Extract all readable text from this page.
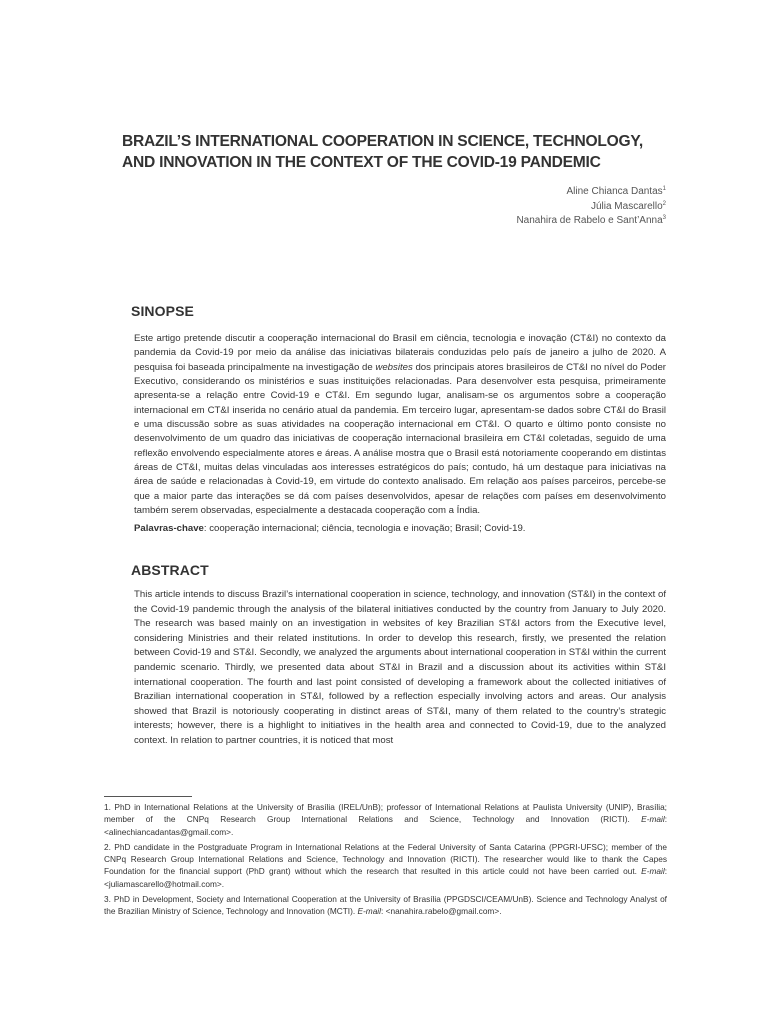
BRAZIL’S INTERNATIONAL COOPERATION IN SCIENCE, TECHNOLOGY,
AND INNOVATION IN THE CONTEXT OF THE COVID-19 PANDEMIC
Aline Chianca Dantas$^1$
Júlia Mascarello$^2$
Nanahira de Rabelo e Sant’Anna$^3$
SINOPSE

Este artigo pretende discutir a cooperação internacional do Brasil em ciência, tecnologia e inovação (CT&I) no contexto da pandemia da Covid-19 por meio da análise das iniciativas bilaterais conduzidas pelo país de janeiro a julho de 2020. A pesquisa foi baseada principalmente na investigação de websites dos principais atores brasileiros de CT&I no nível do Poder Executivo, considerando os ministérios e suas instituições relacionadas. Para desenvolver esta pesquisa, primeiramente apresenta-se a relação entre Covid-19 e CT&I. Em segundo lugar, analisam-se os argumentos sobre a cooperação internacional em CT&I inserida no cenário atual da pandemia. Em terceiro lugar, apresentam-se dados sobre CT&I do Brasil e uma discussão sobre as suas atividades na cooperação internacional em CT&I. O quarto e último ponto consiste no desenvolvimento de um quadro das iniciativas de cooperação internacional brasileira em CT&I coletadas, seguido de uma reflexão envolvendo especialmente atores e áreas. A análise mostra que o Brasil está notoriamente cooperando em distintas áreas de CT&I, muitas delas vinculadas aos interesses estratégicos do país; contudo, há um destaque para iniciativas na área de saúde e relacionadas à Covid-19, em virtude do contexto analisado. Em relação aos países parceiros, percebe-se que a maior parte das interações se dá com países desenvolvidos, apesar de relações com países em desenvolvimento também serem observadas, especialmente a destacada cooperação com a Índia.

Palavras-chave: cooperação internacional; ciência, tecnologia e inovação; Brasil; Covid-19.

ABSTRACT

This article intends to discuss Brazil’s international cooperation in science, technology, and innovation (ST&I) in the context of the Covid-19 pandemic through the analysis of the bilateral initiatives conducted by the country from January to July 2020. The research was based mainly on an investigation in websites of key Brazilian ST&I actors from the Executive level, considering Ministries and their related institutions. In order to develop this research, firstly, we presented the relation between Covid-19 and ST&I. Secondly, we analyzed the arguments about international cooperation in ST&I within the current pandemic scenario. Thirdly, we presented data about ST&I in Brazil and a discussion about its activities within ST&I international cooperation. The fourth and last point consisted of developing a framework about the collected initiatives of Brazilian international cooperation in ST&I, followed by a reflection especially involving actors and areas. Our analysis showed that Brazil is notoriously cooperating in distinct areas of ST&I, many of them related to the country’s strategic interests; however, there is a highlight to initiatives in the health area and connected to Covid-19, due to the analyzed context. In relation to partner countries, it is noticed that most

1. PhD in International Relations at the University of Brasília (IREL/UnB); professor of International Relations at Paulista University (UNIP), Brasília; member of the CNPq Research Group International Relations and Science, Technology and Innovation (RICTI). E-mail: <alinechiancadantas@gmail.com>.

2. PhD candidate in the Postgraduate Program in International Relations at the Federal University of Santa Catarina (PPGRI-UFSC); member of the CNPq Research Group International Relations and Science, Technology and Innovation (RICTI). The researcher would like to thank the Capes Foundation for the financial support (PhD grant) without which the research that resulted in this article could not have been carried out. E-mail: <juliamascarello@hotmail.com>.

3. PhD in Development, Society and International Cooperation at the University of Brasília (PPGDSCI/CEAM/UnB). Science and Technology Analyst of the Brazilian Ministry of Science, Technology and Innovation (MCTI). E-mail: <nanahira.rabelo@gmail.com>.
